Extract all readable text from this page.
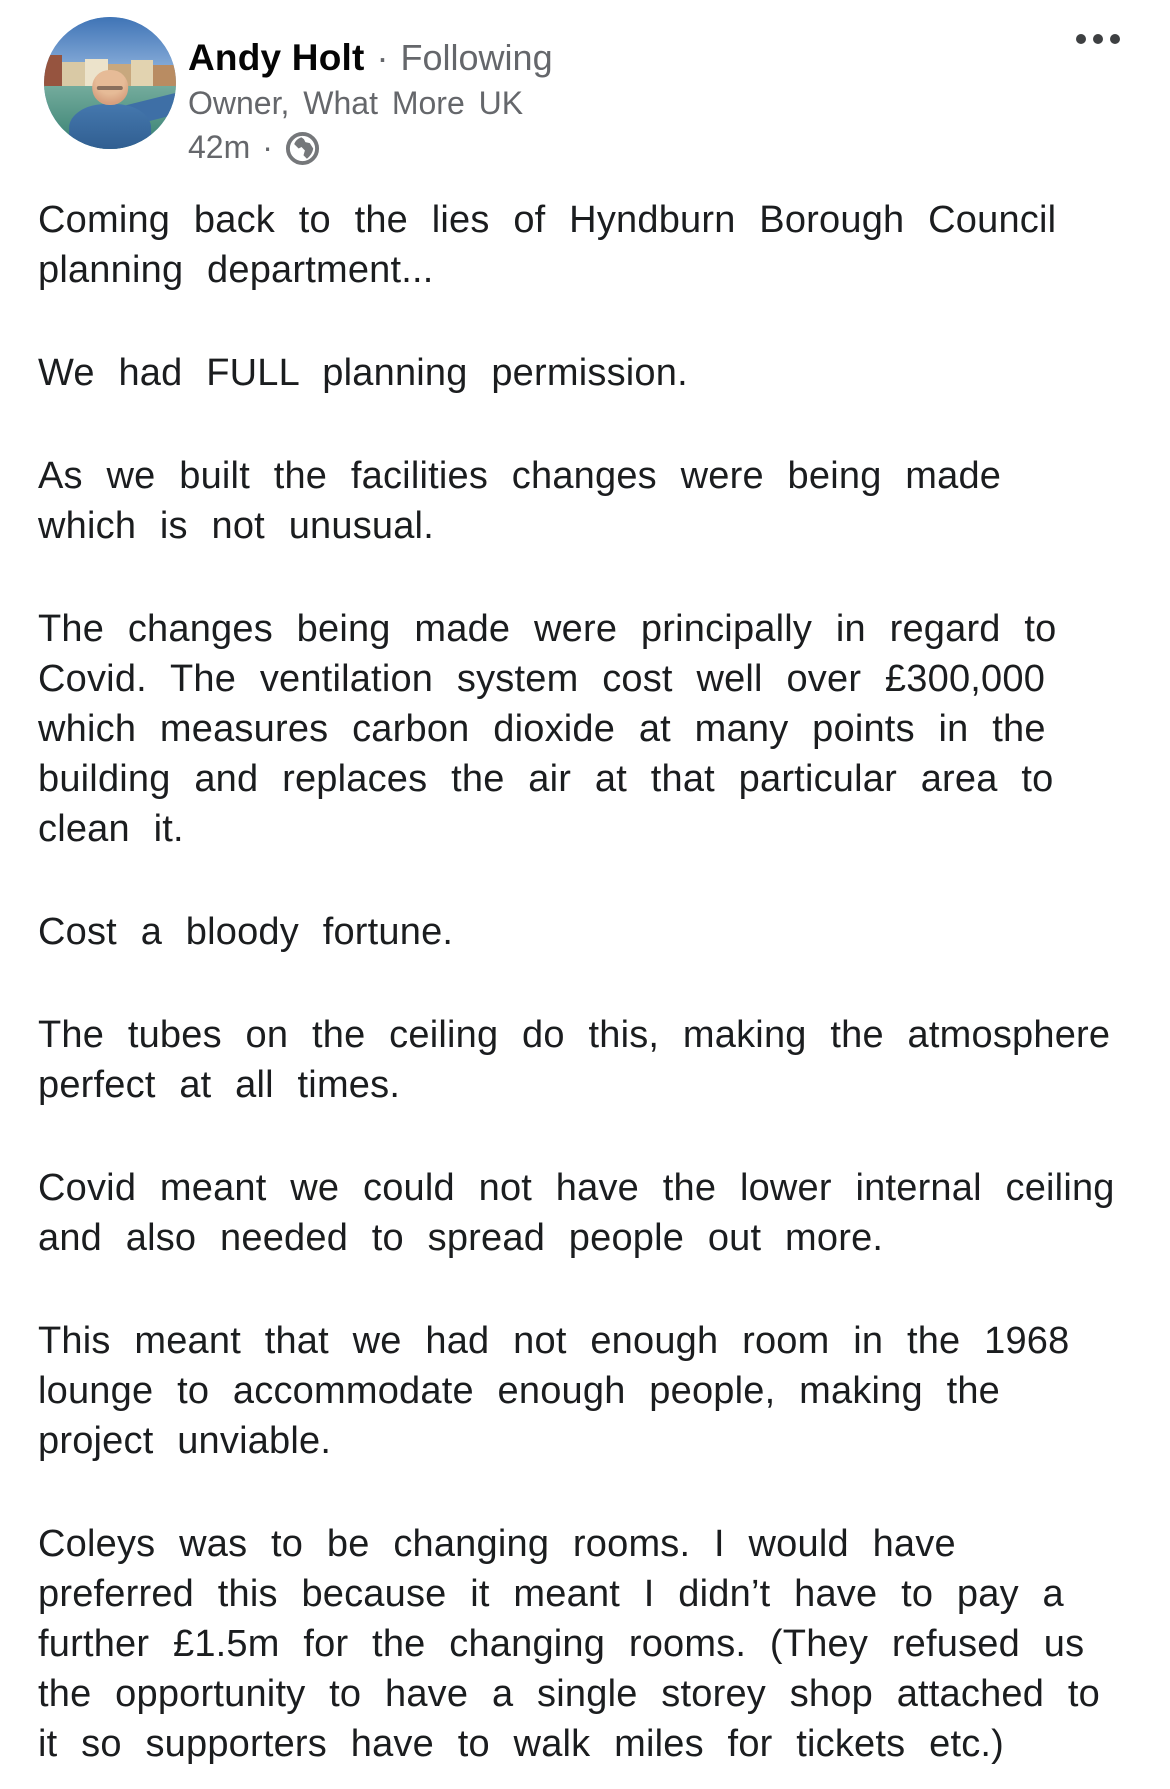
Andy Holt · Following
Owner, What More UK
42m ·

Coming back to the lies of Hyndburn Borough Council
planning department...

We had FULL planning permission.

As we built the facilities changes were being made
which is not unusual.

The changes being made were principally in regard to
Covid. The ventilation system cost well over £300,000
which measures carbon dioxide at many points in the
building and replaces the air at that particular area to
clean it.

Cost a bloody fortune.

The tubes on the ceiling do this, making the atmosphere
perfect at all times.

Covid meant we could not have the lower internal ceiling
and also needed to spread people out more.

This meant that we had not enough room in the 1968
lounge to accommodate enough people, making the
project unviable.

Coleys was to be changing rooms. I would have
preferred this because it meant I didn’t have to pay a
further £1.5m for the changing rooms. (They refused us
the opportunity to have a single storey shop attached to
it so supporters have to walk miles for tickets etc.)
